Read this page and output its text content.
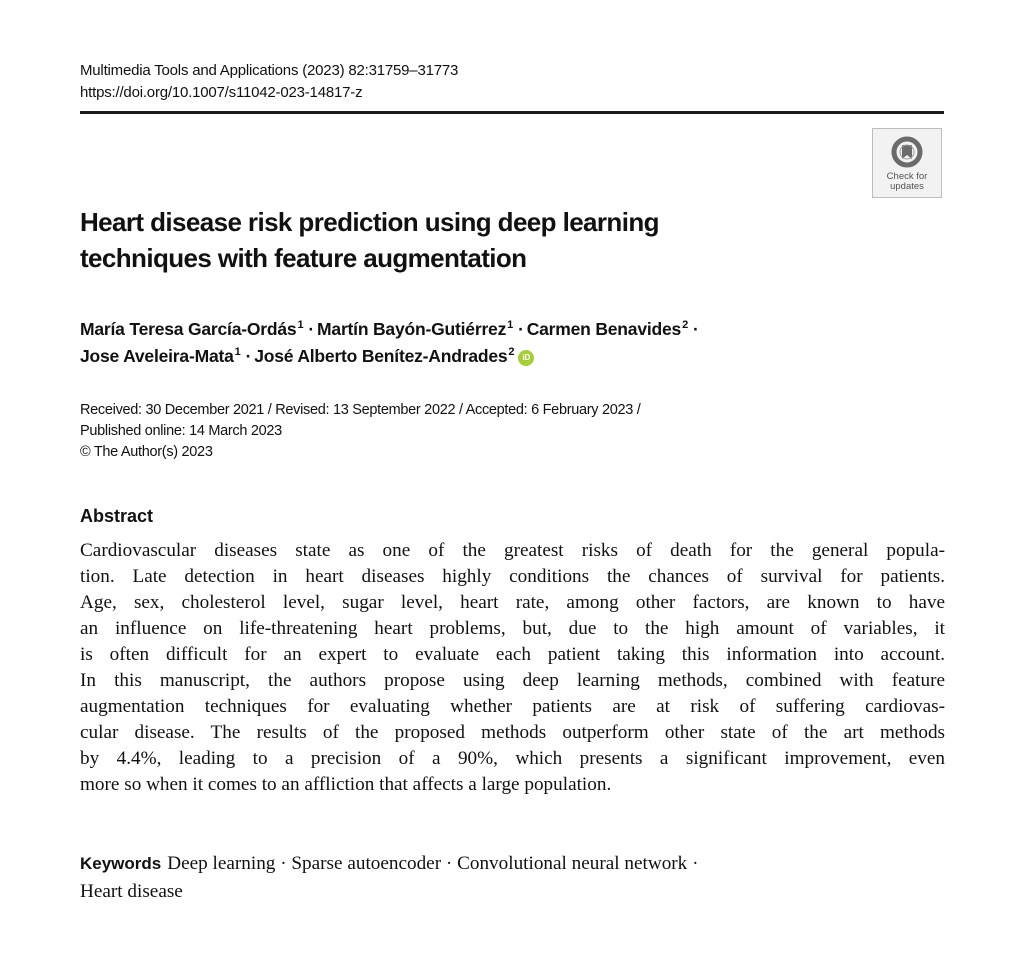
Multimedia Tools and Applications (2023) 82:31759–31773
https://doi.org/10.1007/s11042-023-14817-z
Check for
updates
Heart disease risk prediction using deep learning
techniques with feature augmentation
María Teresa García-Ordás$^1$ · Martín Bayón-Gutiérrez$^1$ · Carmen Benavides$^2$ ·
Jose Aveleira-Mata$^1$ · José Alberto Benítez-Andrades$^2$ iD
Received: 30 December 2021 / Revised: 13 September 2022 / Accepted: 6 February 2023 /
Published online: 14 March 2023
© The Author(s) 2023
Abstract
Cardiovascular diseases state as one of the greatest risks of death for the general popula-
tion. Late detection in heart diseases highly conditions the chances of survival for patients.
Age, sex, cholesterol level, sugar level, heart rate, among other factors, are known to have
an influence on life-threatening heart problems, but, due to the high amount of variables, it
is often difficult for an expert to evaluate each patient taking this information into account.
In this manuscript, the authors propose using deep learning methods, combined with feature
augmentation techniques for evaluating whether patients are at risk of suffering cardiovas-
cular disease. The results of the proposed methods outperform other state of the art methods
by 4.4%, leading to a precision of a 90%, which presents a significant improvement, even
more so when it comes to an affliction that affects a large population.
Keywords Deep learning · Sparse autoencoder · Convolutional neural network ·
Heart disease
